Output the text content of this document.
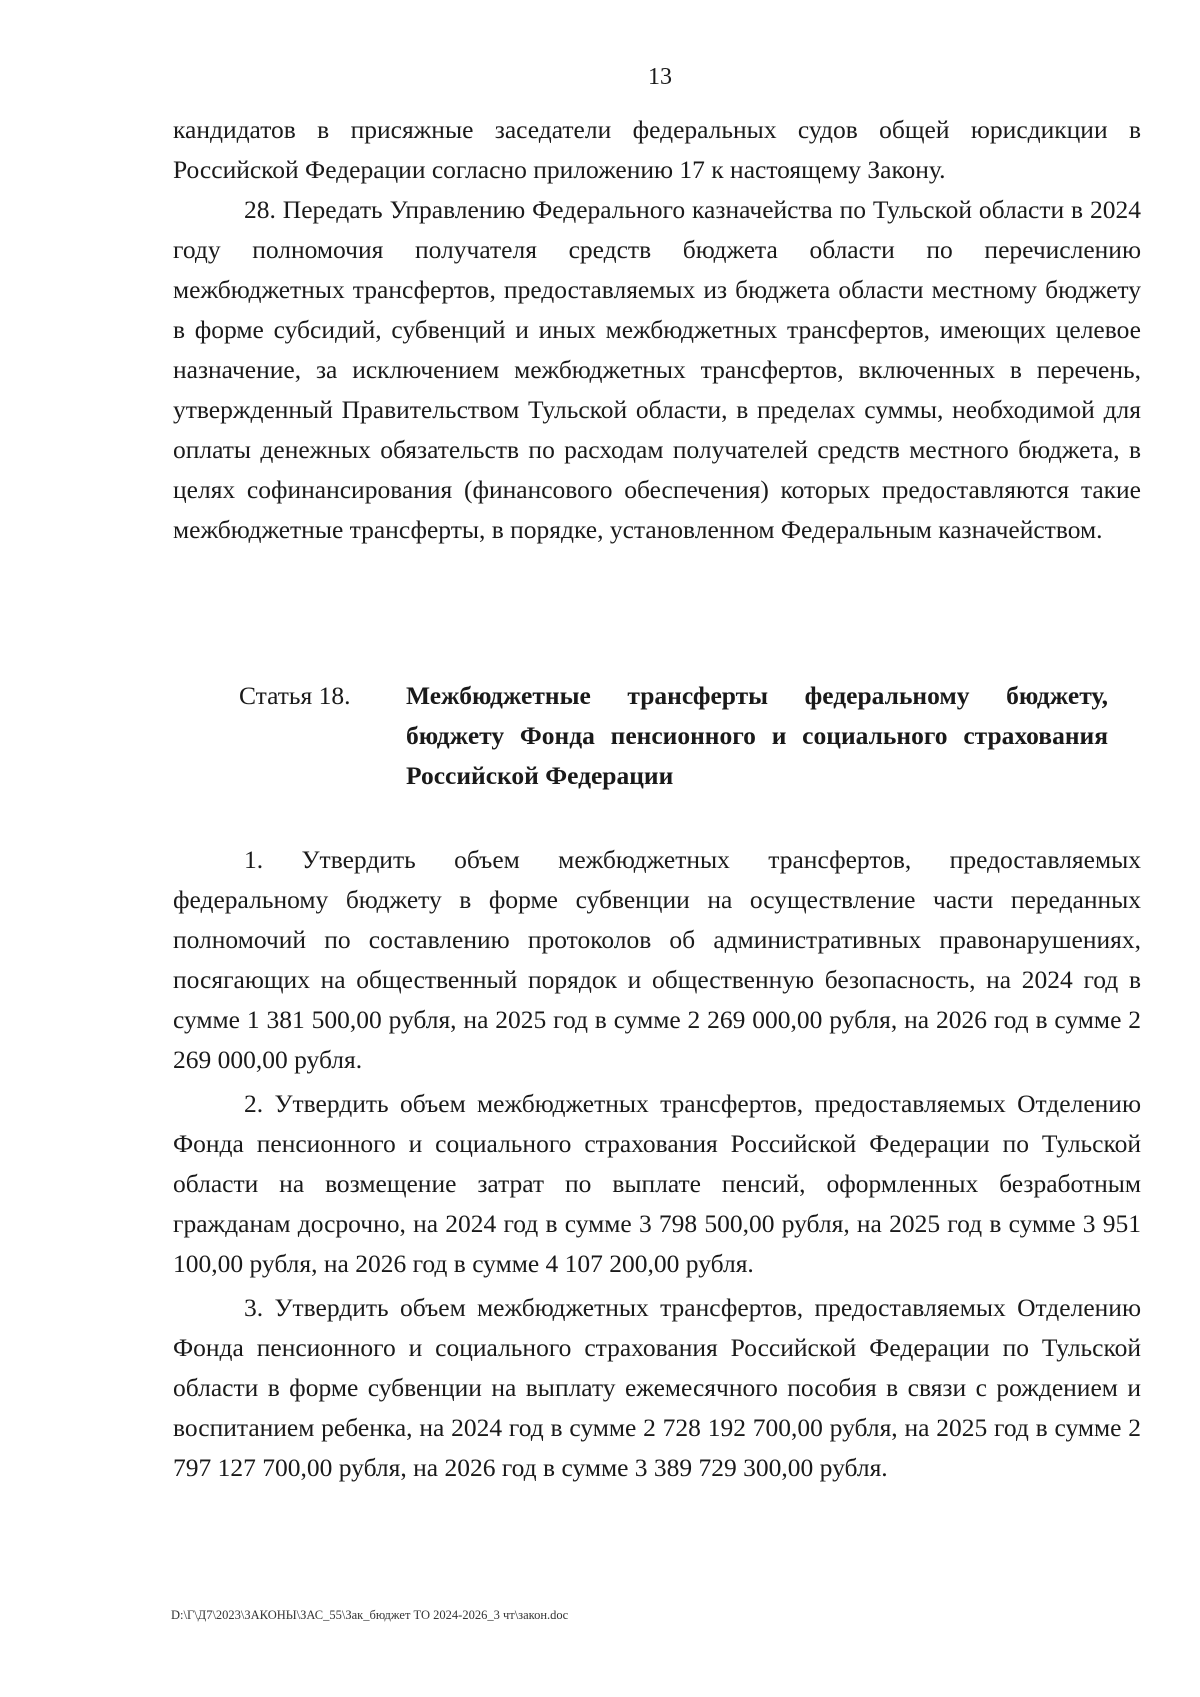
13

кандидатов в присяжные заседатели федеральных судов общей юрисдикции в Российской Федерации согласно приложению 17 к настоящему Закону.

28. Передать Управлению Федерального казначейства по Тульской области в 2024 году полномочия получателя средств бюджета области по перечислению межбюджетных трансфертов, предоставляемых из бюджета области местному бюджету в форме субсидий, субвенций и иных межбюджетных трансфертов, имеющих целевое назначение, за исключением межбюджетных трансфертов, включенных в перечень, утвержденный Правительством Тульской области, в пределах суммы, необходимой для оплаты денежных обязательств по расходам получателей средств местного бюджета, в целях софинансирования (финансового обеспечения) которых предоставляются такие межбюджетные трансферты, в порядке, установленном Федеральным казначейством.

Статья 18. Межбюджетные трансферты федеральному бюджету, бюджету Фонда пенсионного и социального страхования Российской Федерации

1. Утвердить объем межбюджетных трансфертов, предоставляемых федеральному бюджету в форме субвенции на осуществление части переданных полномочий по составлению протоколов об административных правонарушениях, посягающих на общественный порядок и общественную безопасность, на 2024 год в сумме 1 381 500,00 рубля, на 2025 год в сумме 2 269 000,00 рубля, на 2026 год в сумме 2 269 000,00 рубля.

2. Утвердить объем межбюджетных трансфертов, предоставляемых Отделению Фонда пенсионного и социального страхования Российской Федерации по Тульской области на возмещение затрат по выплате пенсий, оформленных безработным гражданам досрочно, на 2024 год в сумме 3 798 500,00 рубля, на 2025 год в сумме 3 951 100,00 рубля, на 2026 год в сумме 4 107 200,00 рубля.

3. Утвердить объем межбюджетных трансфертов, предоставляемых Отделению Фонда пенсионного и социального страхования Российской Федерации по Тульской области в форме субвенции на выплату ежемесячного пособия в связи с рождением и воспитанием ребенка, на 2024 год в сумме 2 728 192 700,00 рубля, на 2025 год в сумме 2 797 127 700,00 рубля, на 2026 год в сумме 3 389 729 300,00 рубля.

D:\Г\Д7\2023\ЗАКОНЫ\ЗАС_55\Зак_бюджет ТО 2024-2026_3 чт\закон.doc
